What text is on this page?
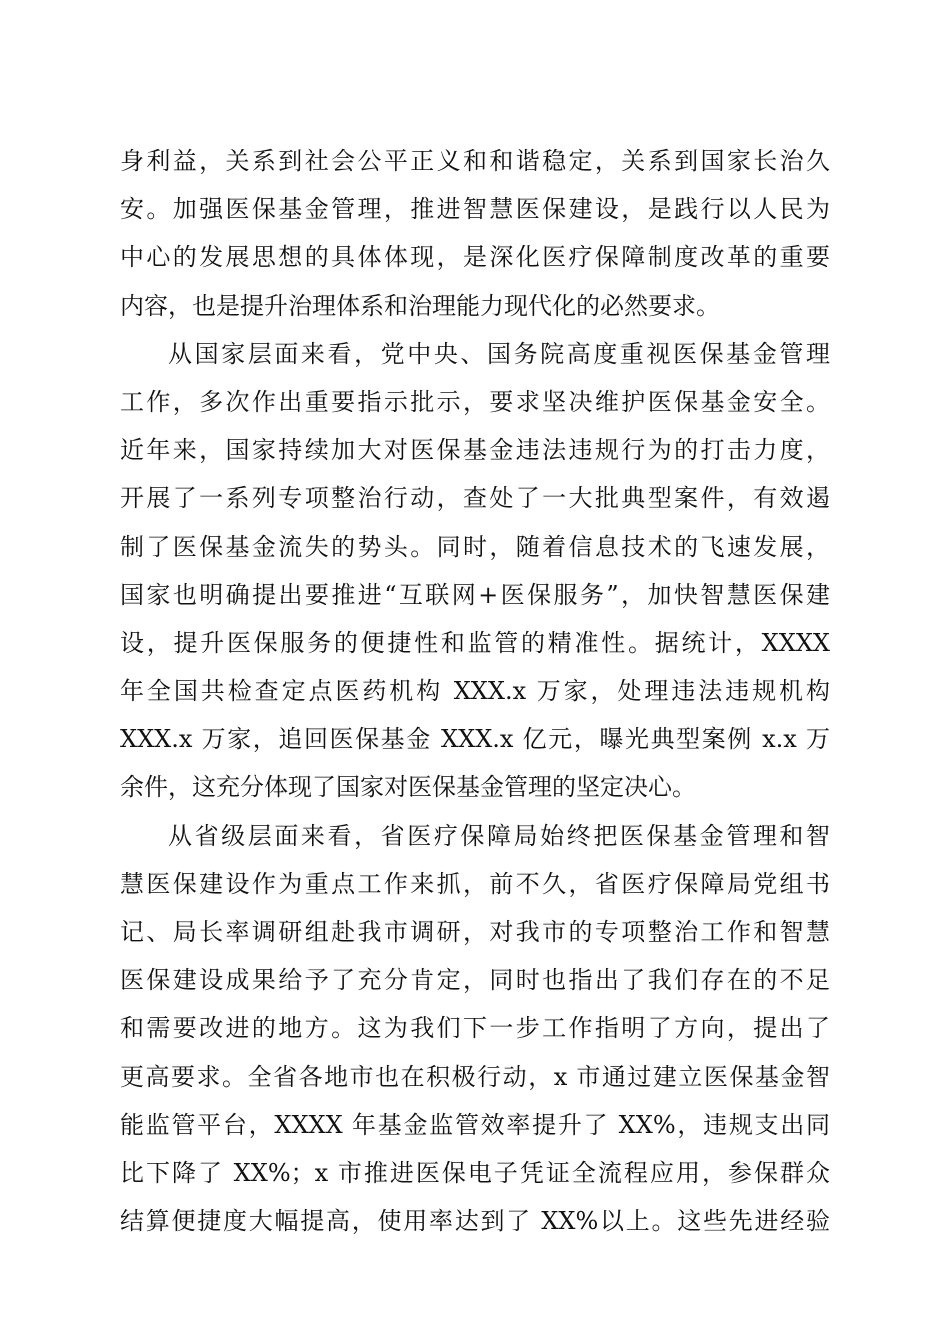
身利益，关系到社会公平正义和和谐稳定，关系到国家长治久
安。加强医保基金管理，推进智慧医保建设，是践行以人民为
中心的发展思想的具体体现，是深化医疗保障制度改革的重要
内容，也是提升治理体系和治理能力现代化的必然要求。
从国家层面来看，党中央、国务院高度重视医保基金管理
工作，多次作出重要指示批示，要求坚决维护医保基金安全。
近年来，国家持续加大对医保基金违法违规行为的打击力度，
开展了一系列专项整治行动，查处了一大批典型案件，有效遏
制了医保基金流失的势头。同时，随着信息技术的飞速发展，
国家也明确提出要推进“互联网+医保服务”，加快智慧医保建
设，提升医保服务的便捷性和监管的精准性。据统计，XXXX
年全国共检查定点医药机构 XXX.x 万家，处理违法违规机构
XXX.x 万家，追回医保基金 XXX.x 亿元，曝光典型案例 x.x 万
余件，这充分体现了国家对医保基金管理的坚定决心。
从省级层面来看，省医疗保障局始终把医保基金管理和智
慧医保建设作为重点工作来抓，前不久，省医疗保障局党组书
记、局长率调研组赴我市调研，对我市的专项整治工作和智慧
医保建设成果给予了充分肯定，同时也指出了我们存在的不足
和需要改进的地方。这为我们下一步工作指明了方向，提出了
更高要求。全省各地市也在积极行动，x 市通过建立医保基金智
能监管平台，XXXX 年基金监管效率提升了 XX%，违规支出同
比下降了 XX%；x 市推进医保电子凭证全流程应用，参保群众
结算便捷度大幅提高，使用率达到了 XX%以上。这些先进经验
